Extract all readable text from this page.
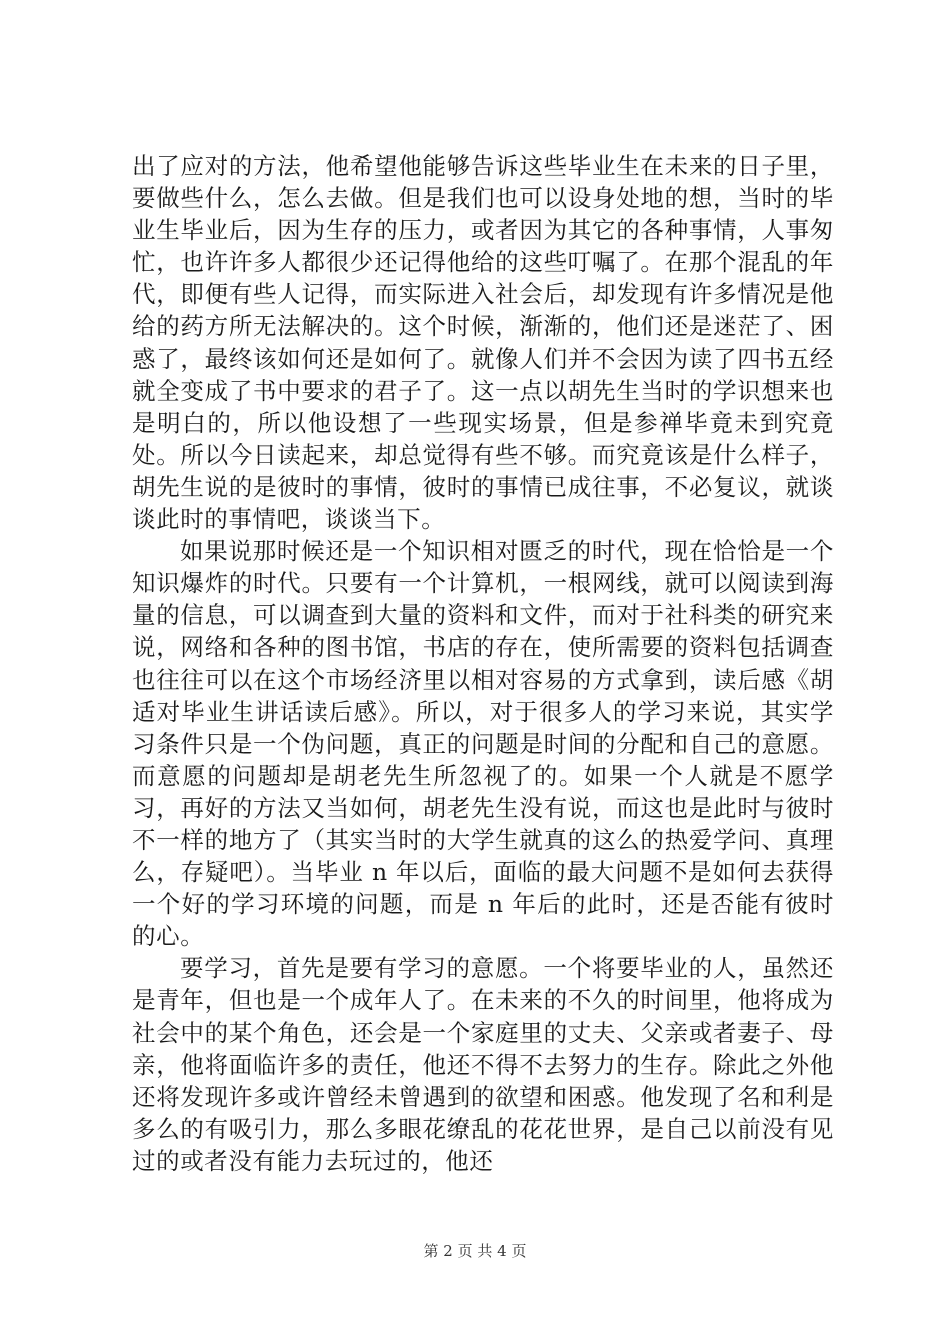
出了应对的方法，他希望他能够告诉这些毕业生在未来的日子里，要做些什么，怎么去做。但是我们也可以设身处地的想，当时的毕业生毕业后，因为生存的压力，或者因为其它的各种事情，人事匆忙，也许许多人都很少还记得他给的这些叮嘱了。在那个混乱的年代，即便有些人记得，而实际进入社会后，却发现有许多情况是他给的药方所无法解决的。这个时候，渐渐的，他们还是迷茫了、困惑了，最终该如何还是如何了。就像人们并不会因为读了四书五经就全变成了书中要求的君子了。这一点以胡先生当时的学识想来也是明白的，所以他设想了一些现实场景，但是参禅毕竟未到究竟处。所以今日读起来，却总觉得有些不够。而究竟该是什么样子，胡先生说的是彼时的事情，彼时的事情已成往事，不必复议，就谈谈此时的事情吧，谈谈当下。

如果说那时候还是一个知识相对匮乏的时代，现在恰恰是一个知识爆炸的时代。只要有一个计算机，一根网线，就可以阅读到海量的信息，可以调查到大量的资料和文件，而对于社科类的研究来说，网络和各种的图书馆，书店的存在，使所需要的资料包括调查也往往可以在这个市场经济里以相对容易的方式拿到，读后感《胡适对毕业生讲话读后感》。所以，对于很多人的学习来说，其实学习条件只是一个伪问题，真正的问题是时间的分配和自己的意愿。而意愿的问题却是胡老先生所忽视了的。如果一个人就是不愿学习，再好的方法又当如何，胡老先生没有说，而这也是此时与彼时不一样的地方了（其实当时的大学生就真的这么的热爱学问、真理么，存疑吧）。当毕业 n 年以后，面临的最大问题不是如何去获得一个好的学习环境的问题，而是 n 年后的此时，还是否能有彼时的心。

要学习，首先是要有学习的意愿。一个将要毕业的人，虽然还是青年，但也是一个成年人了。在未来的不久的时间里，他将成为社会中的某个角色，还会是一个家庭里的丈夫、父亲或者妻子、母亲，他将面临许多的责任，他还不得不去努力的生存。除此之外他还将发现许多或许曾经未曾遇到的欲望和困惑。他发现了名和利是多么的有吸引力，那么多眼花缭乱的花花世界，是自己以前没有见过的或者没有能力去玩过的，他还

第 2 页 共 4 页
